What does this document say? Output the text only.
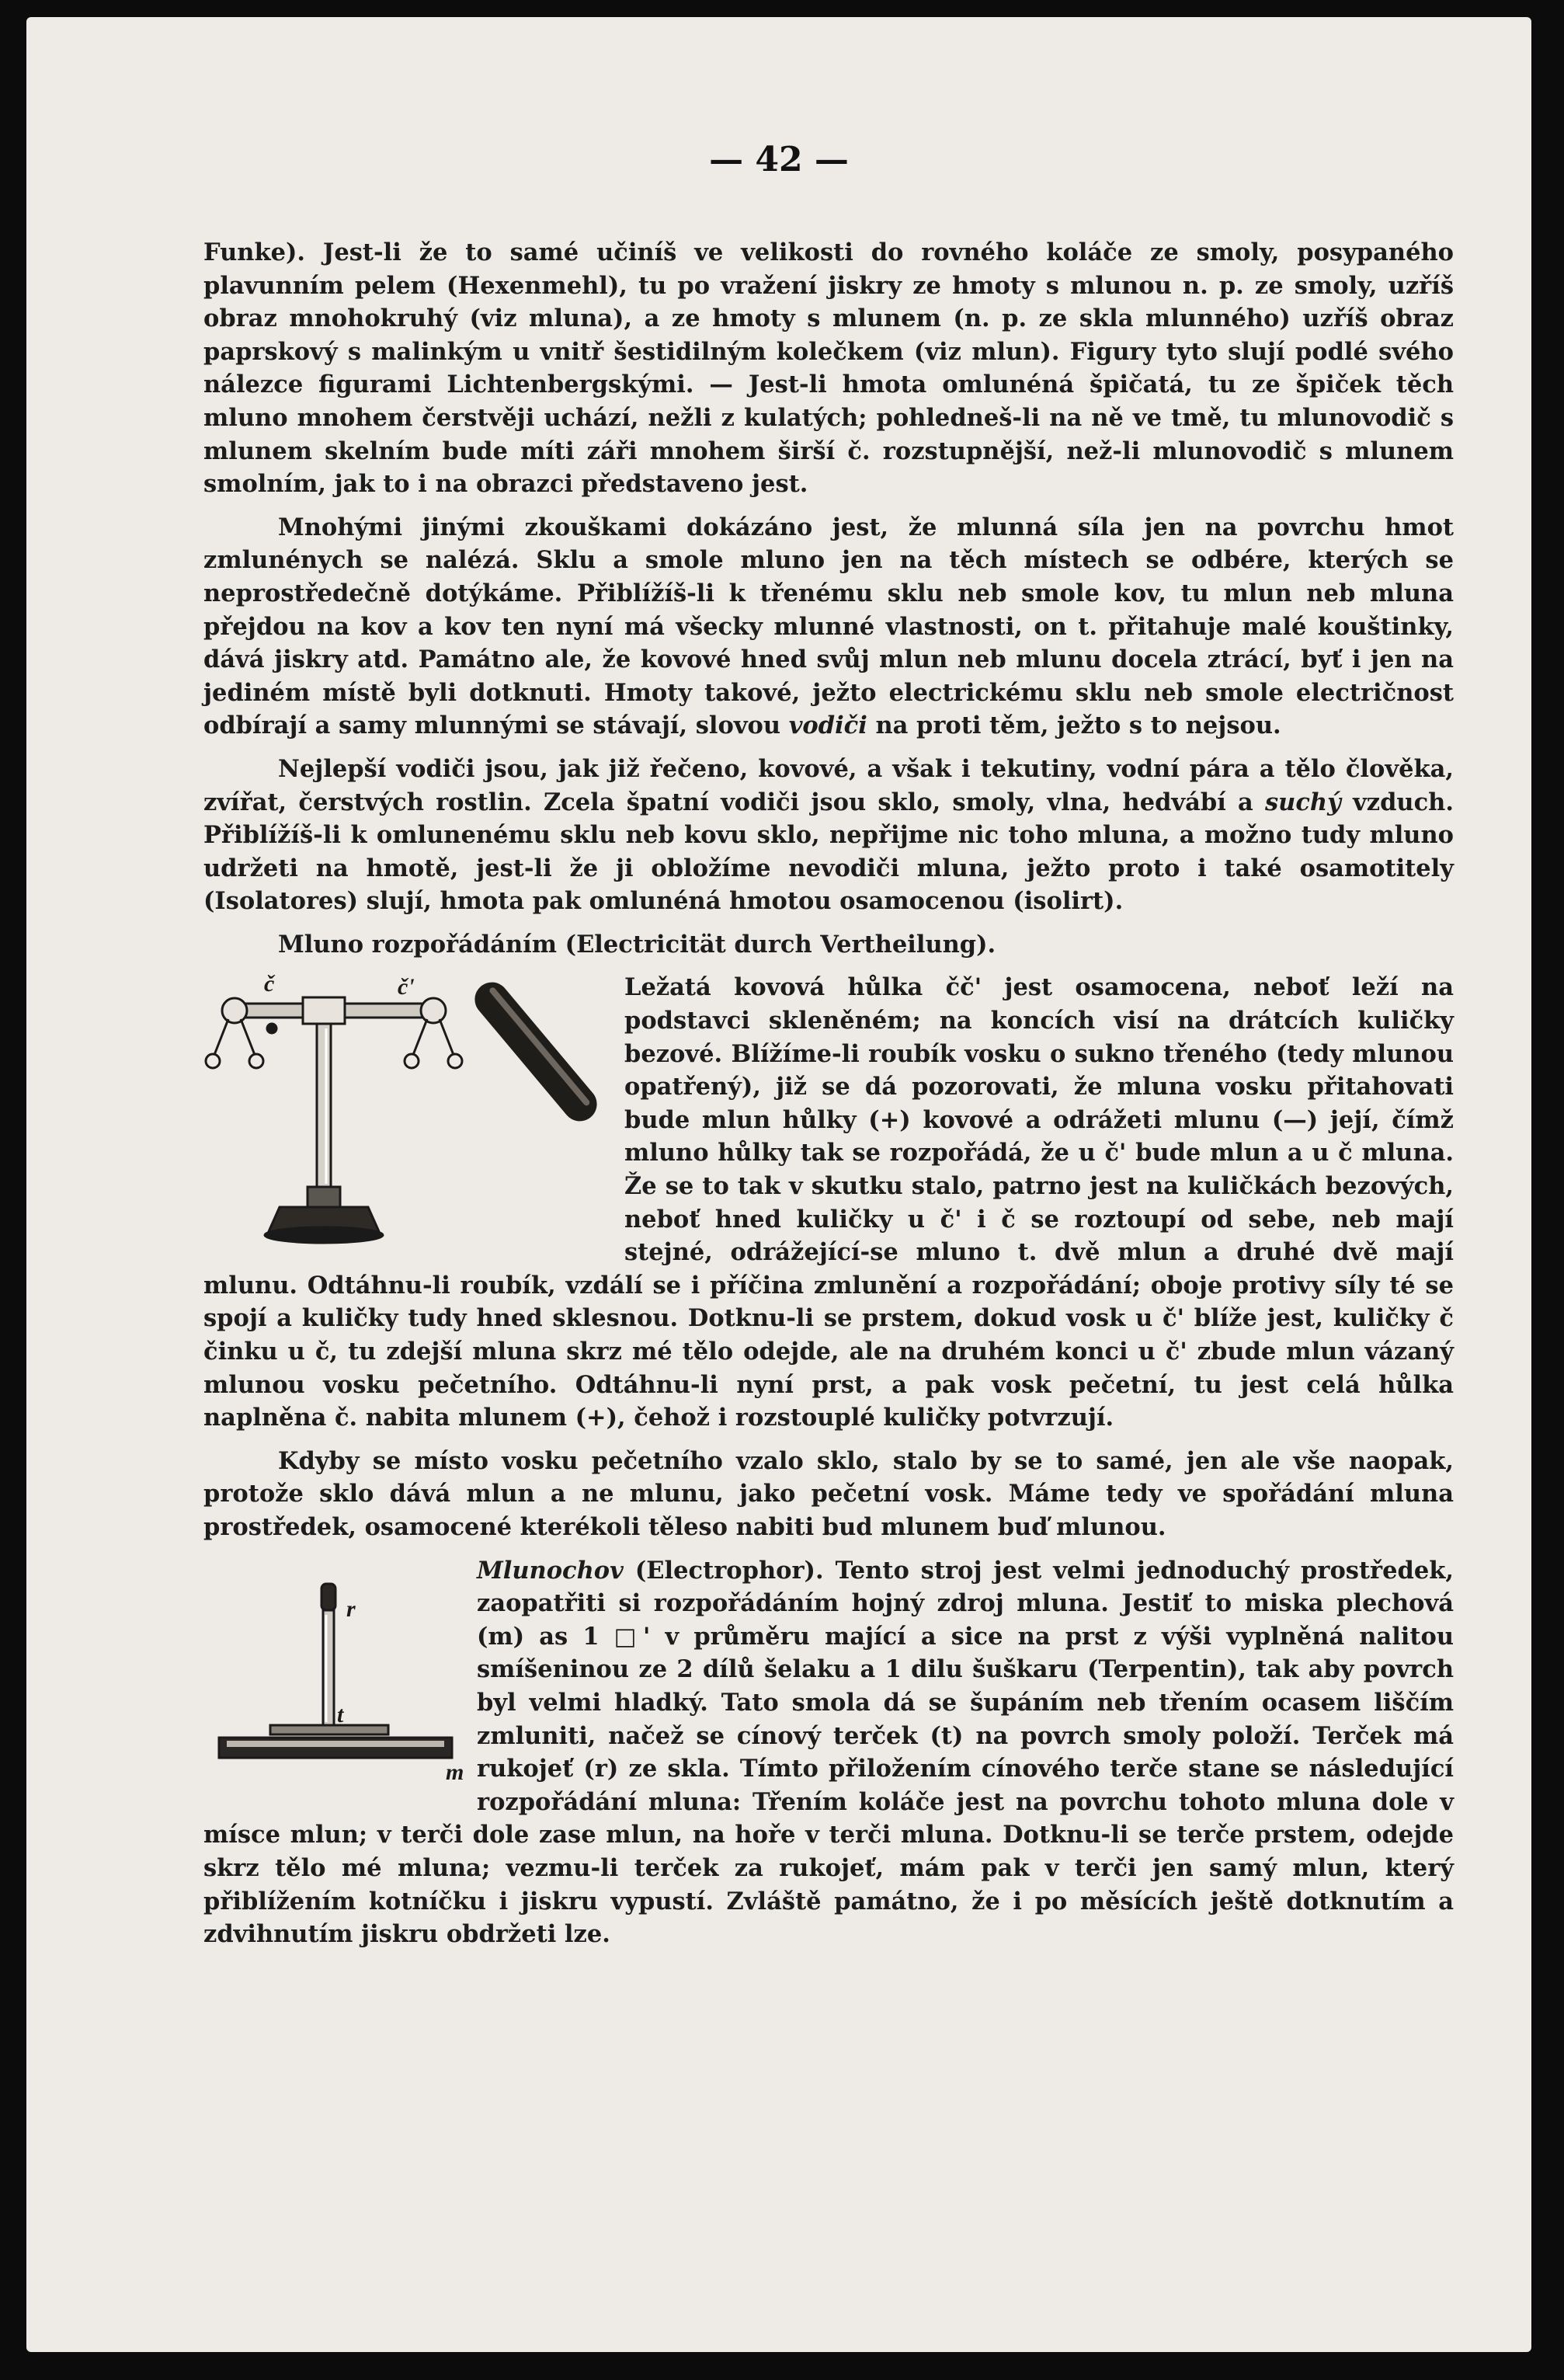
— 42 —

Funke). Jest-li že to samé učiníš ve velikosti do rovného koláče ze smoly, posypaného plavunním pelem (Hexenmehl), tu po vražení jiskry ze hmoty s mlunou n. p. ze smoly, uzříš obraz mnohokruhý (viz mluna), a ze hmoty s mlunem (n. p. ze skla mlunného) uzříš obraz paprskový s malinkým u vnitř šestidilným kolečkem (viz mlun). Figury tyto slují podlé svého nálezce figurami Lichtenbergskými. — Jest-li hmota omlunéná špičatá, tu ze špiček těch mluno mnohem čerstvěji uchází, nežli z kulatých; pohledneš-li na ně ve tmě, tu mlunovodič s mlunem skelním bude míti záři mnohem širší č. rozstupnější, než-li mlunovodič s mlunem smolním, jak to i na obrazci představeno jest.

Mnohými jinými zkouškami dokázáno jest, že mlunná síla jen na povrchu hmot zmlunénych se nalézá. Sklu a smole mluno jen na těch místech se odbére, kterých se neprostředečně dotýkáme. Přiblížíš-li k třenému sklu neb smole kov, tu mlun neb mluna přejdou na kov a kov ten nyní má všecky mlunné vlastnosti, on t. přitahuje malé kouštinky, dává jiskry atd. Památno ale, že kovové hned svůj mlun neb mlunu docela ztrácí, byť i jen na jediném místě byli dotknuti. Hmoty takové, ježto electrickému sklu neb smole electričnost odbírají a samy mlunnými se stávají, slovou vodiči na proti těm, ježto s to nejsou.

Nejlepší vodiči jsou, jak již řečeno, kovové, a však i tekutiny, vodní pára a tělo člověka, zvířat, čerstvých rostlin. Zcela špatní vodiči jsou sklo, smoly, vlna, hedvábí a suchý vzduch. Přiblížíš-li k omlunenému sklu neb kovu sklo, nepřijme nic toho mluna, a možno tudy mluno udržeti na hmotě, jest-li že ji obložíme nevodiči mluna, ježto proto i také osamotitely (Isolatores) slují, hmota pak omlunéná hmotou osamocenou (isolirt).

Mluno rozpořádáním (Electricität durch Vertheilung).

č	č'	Ležatá kovová hůlka čč' jest osamocena, neboť leží na podstavci skleněném; na koncích visí na drátcích kuličky bezové. Blížíme-li roubík vosku o sukno třeného (tedy mlunou opatřený), již se dá pozorovati, že mluna vosku přitahovati bude mlun hůlky (+) kovové a odrážeti mlunu (—) její, čímž mluno hůlky tak se rozpořádá, že u č' bude mlun a u č mluna. Že se to tak v skutku stalo, patrno jest na kuličkách bezových, neboť hned kuličky u č' i č se roztoupí od sebe, neb mají stejné, odrážející-se mluno t. dvě mlun a druhé dvě mají mlunu. Odtáhnu-li roubík, vzdálí se i příčina zmlunění a rozpořádání; oboje protivy síly té se spojí a kuličky tudy hned sklesnou. Dotknu-li se prstem, dokud vosk u č' blíže jest, kuličky č činku u č, tu zdejší mluna skrz mé tělo odejde, ale na druhém konci u č' zbude mlun vázaný mlunou vosku pečetního. Odtáhnu-li nyní prst, a pak vosk pečetní, tu jest celá hůlka naplněna č. nabita mlunem (+), čehož i rozstouplé kuličky potvrzují.

Kdyby se místo vosku pečetního vzalo sklo, stalo by se to samé, jen ale vše naopak, protože sklo dává mlun a ne mlunu, jako pečetní vosk. Máme tedy ve spořádání mluna prostředek, osamocené kterékoli těleso nabiti bud mlunem buď mlunou.

r
t
m

Mlunochov (Electrophor). Tento stroj jest velmi jednoduchý prostředek, zaopatřiti si rozpořádáním hojný zdroj mluna. Jestiť to miska plechová (m) as 1 □' v průměru mající a sice na prst z výši vyplněná nalitou smíšeninou ze 2 dílů šelaku a 1 dilu šuškaru (Terpentin), tak aby povrch byl velmi hladký. Tato smola dá se šupáním neb třením ocasem liščím zmluniti, načež se cínový terček (t) na povrch smoly položí. Terček má rukojeť (r) ze skla. Tímto přiložením cínového terče stane se následující rozpořádání mluna: Třením koláče jest na povrchu tohoto mluna dole v mísce mlun; v terči dole zase mlun, na hoře v terči mluna. Dotknu-li se terče prstem, odejde skrz tělo mé mluna; vezmu-li terček za rukojeť, mám pak v terči jen samý mlun, který přiblížením kotníčku i jiskru vypustí. Zvláště památno, že i po měsících ještě dotknutím a zdvihnutím jiskru obdržeti lze.
